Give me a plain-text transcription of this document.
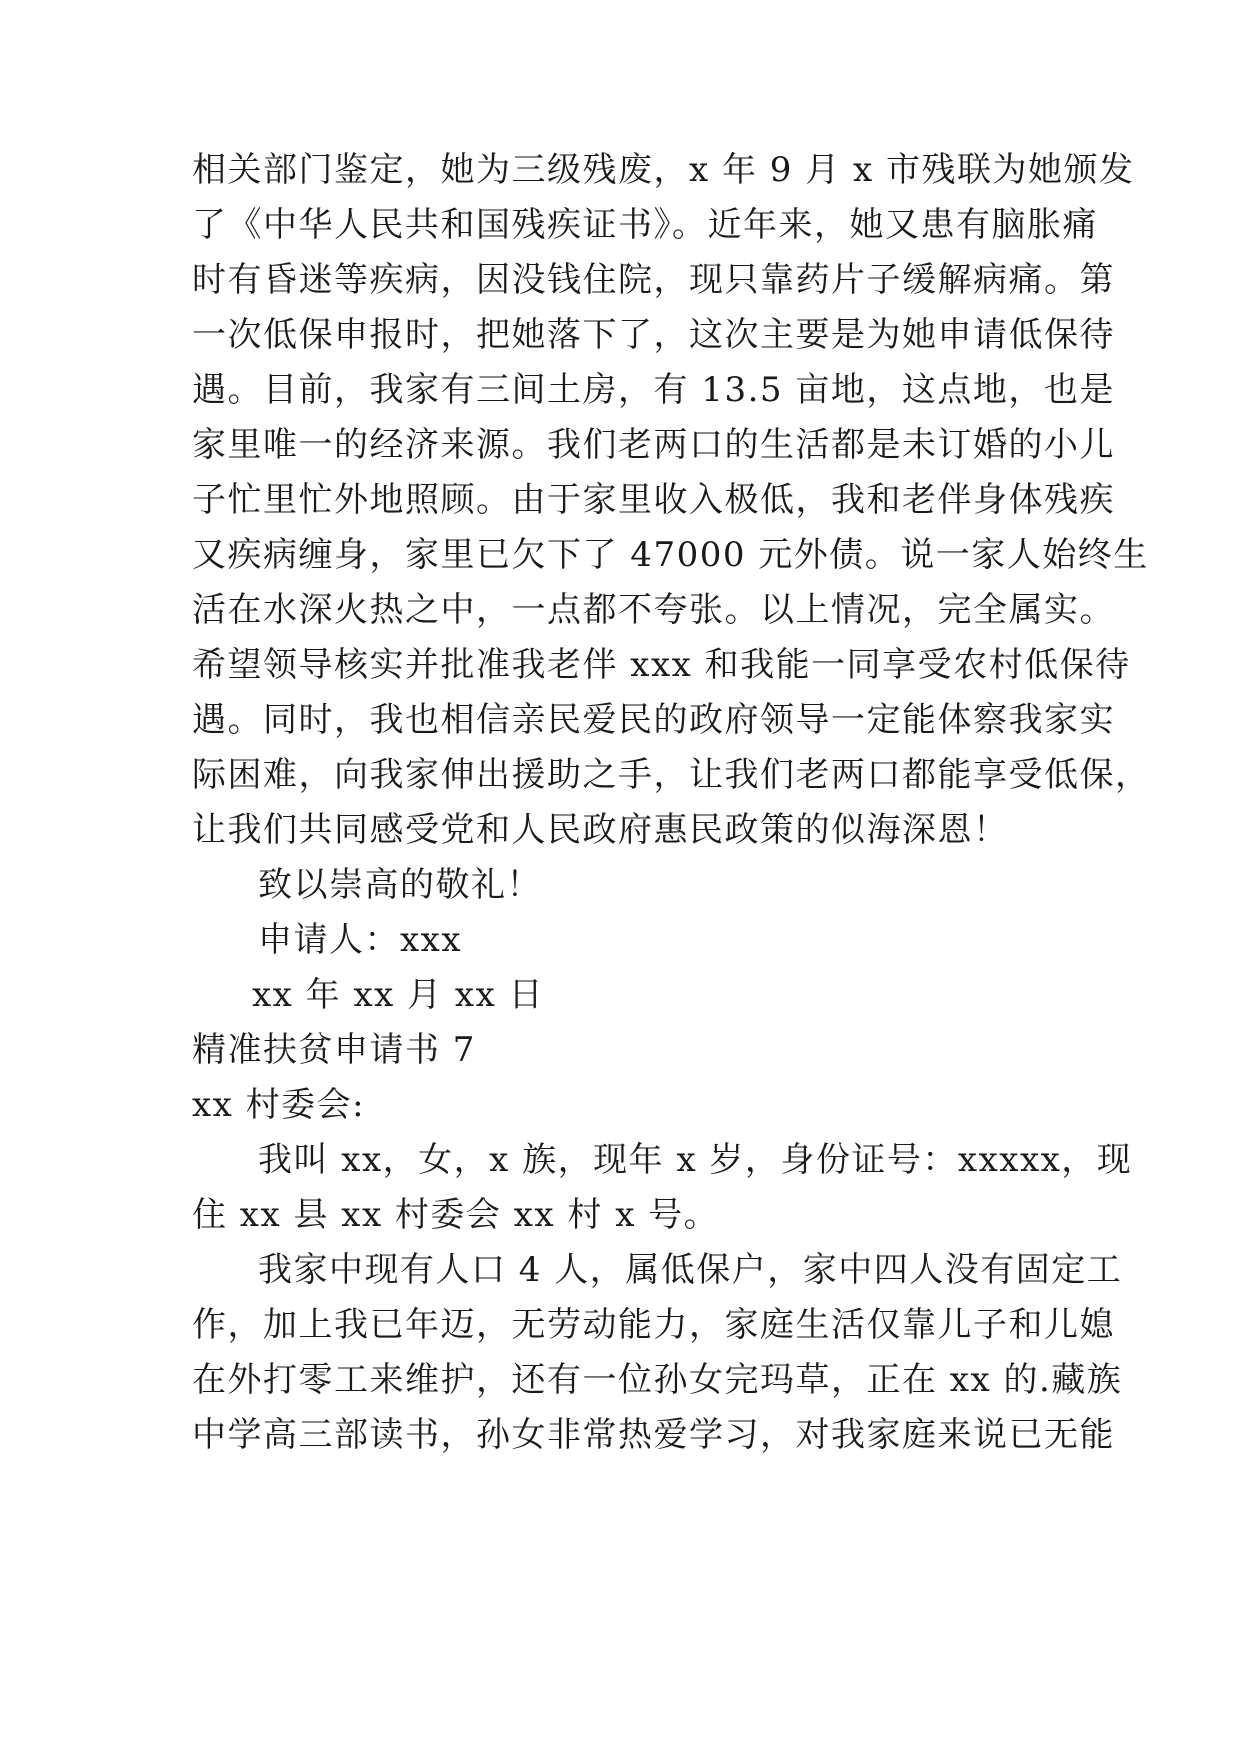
相关部门鉴定，她为三级残废，x 年 9 月 x 市残联为她颁发
了《中华人民共和国残疾证书》。近年来，她又患有脑胀痛
时有昏迷等疾病，因没钱住院，现只靠药片子缓解病痛。第
一次低保申报时，把她落下了，这次主要是为她申请低保待
遇。目前，我家有三间土房，有 13.5 亩地，这点地，也是
家里唯一的经济来源。我们老两口的生活都是未订婚的小儿
子忙里忙外地照顾。由于家里收入极低，我和老伴身体残疾
又疾病缠身，家里已欠下了 47000 元外债。说一家人始终生
活在水深火热之中，一点都不夸张。以上情况，完全属实。
希望领导核实并批准我老伴 xxx 和我能一同享受农村低保待
遇。同时，我也相信亲民爱民的政府领导一定能体察我家实
际困难，向我家伸出援助之手，让我们老两口都能享受低保，
让我们共同感受党和人民政府惠民政策的似海深恩！
致以崇高的敬礼！
申请人：xxx
xx 年 xx 月 xx 日
精准扶贫申请书 7
xx 村委会:
我叫 xx，女，x 族，现年 x 岁，身份证号：xxxxx，现
住 xx 县 xx 村委会 xx 村 x 号。
我家中现有人口 4 人，属低保户，家中四人没有固定工
作，加上我已年迈，无劳动能力，家庭生活仅靠儿子和儿媳
在外打零工来维护，还有一位孙女完玛草，正在 xx 的.藏族
中学高三部读书，孙女非常热爱学习，对我家庭来说已无能
